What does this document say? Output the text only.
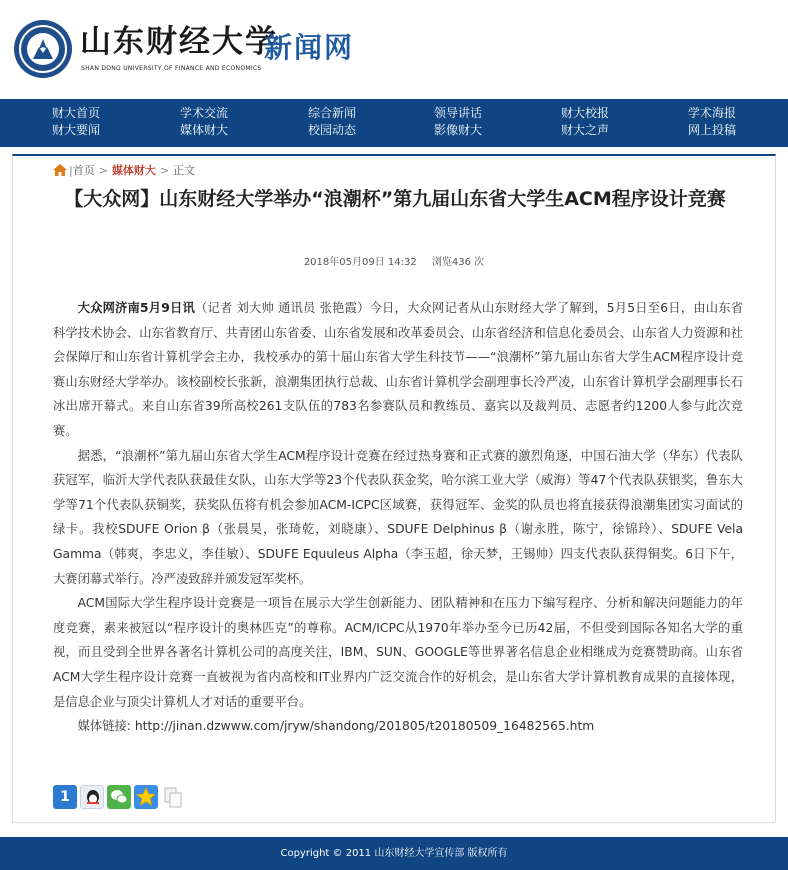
山东财经大学
SHAN DONG UNIVERSITY OF FINANCE AND ECONOMICS
新闻网
财大首页
财大要闻
学术交流
媒体财大
综合新闻
校园动态
领导讲话
影像财大
财大校报
财大之声
学术海报
网上投稿
|首页 > 媒体财大 > 正文
【大众网】山东财经大学举办“浪潮杯”第九届山东省大学生ACM程序设计竞赛
2018年05月09日 14:32 浏览436 次

大众网济南5月9日讯（记者 刘大帅 通讯员 张艳霞）今日，大众网记者从山东财经大学了解到，5月5日至6日，由山东省科学技术协会、山东省教育厅、共青团山东省委、山东省发展和改革委员会、山东省经济和信息化委员会、山东省人力资源和社会保障厅和山东省计算机学会主办，我校承办的第十届山东省大学生科技节——“浪潮杯”第九届山东省大学生ACM程序设计竞赛山东财经大学举办。该校副校长张新，浪潮集团执行总裁、山东省计算机学会副理事长冷严凌，山东省计算机学会副理事长石冰出席开幕式。来自山东省39所高校261支队伍的783名参赛队员和教练员、嘉宾以及裁判员、志愿者约1200人参与此次竞赛。

据悉，“浪潮杯”第九届山东省大学生ACM程序设计竞赛在经过热身赛和正式赛的激烈角逐，中国石油大学（华东）代表队获冠军，临沂大学代表队获最佳女队，山东大学等23个代表队获金奖，哈尔滨工业大学（威海）等47个代表队获银奖，鲁东大学等71个代表队获铜奖，获奖队伍将有机会参加ACM-ICPC区域赛，获得冠军、金奖的队员也将直接获得浪潮集团实习面试的绿卡。我校SDUFE Orion β（张晨昊，张琦乾，刘晓康）、SDUFE Delphinus β（谢永胜，陈宁，徐锦玲）、SDUFE Vela Gamma（韩爽，李忠义，李佳敏）、SDUFE Equuleus Alpha（李玉超，徐天梦，王锡帅）四支代表队获得铜奖。6日下午，大赛闭幕式举行。冷严凌致辞并颁发冠军奖杯。

ACM国际大学生程序设计竞赛是一项旨在展示大学生创新能力、团队精神和在压力下编写程序、分析和解决问题能力的年度竞赛，素来被冠以“程序设计的奥林匹克”的尊称。ACM/ICPC从1970年举办至今已历42届，不但受到国际各知名大学的重视，而且受到全世界各著名计算机公司的高度关注，IBM、SUN、GOOGLE等世界著名信息企业相继成为竞赛赞助商。山东省ACM大学生程序设计竞赛一直被视为省内高校和IT业界内广泛交流合作的好机会，是山东省大学计算机教育成果的直接体现，是信息企业与顶尖计算机人才对话的重要平台。

媒体链接: http://jinan.dzwww.com/jryw/shandong/201805/t20180509_16482565.htm

1
Copyright © 2011 山东财经大学宣传部 版权所有
